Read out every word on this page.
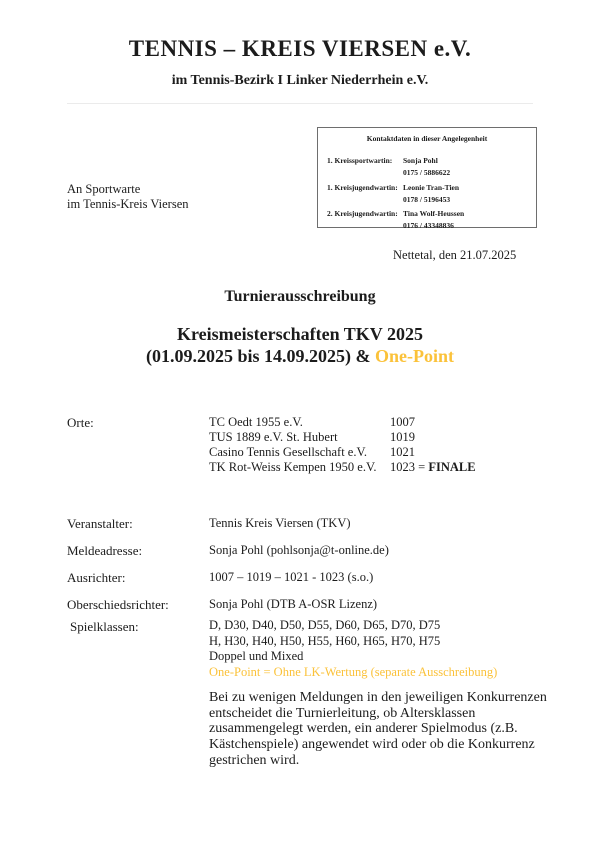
TENNIS – KREIS VIERSEN e.V.
im Tennis-Bezirk I Linker Niederrhein e.V.
An Sportwarte
im Tennis-Kreis Viersen
Kontaktdaten in dieser Angelegenheit
1. Kreissportwartin: Sonja Pohl
0175 / 5886622
1. Kreisjugendwartin: Leonie Tran-Tien
0178 / 5196453
2. Kreisjugendwartin: Tina Wolf-Heussen
0176 / 43348836
Nettetal, den 21.07.2025
Turnierausschreibung
Kreismeisterschaften TKV 2025
(01.09.2025 bis 14.09.2025) & One-Point
Orte:	TC Oedt 1955 e.V.	1007
TUS 1889 e.V. St. Hubert	1019
Casino Tennis Gesellschaft e.V. 1021
TK Rot-Weiss Kempen 1950 e.V. 1023 = FINALE
Veranstalter:	Tennis Kreis Viersen (TKV)
Meldeadresse:	Sonja Pohl (pohlsonja@t-online.de)
Ausrichter:	1007 – 1019 – 1021 - 1023 (s.o.)
Oberschiedsrichter:	Sonja Pohl (DTB A-OSR Lizenz)
Spielklassen:	D, D30, D40, D50, D55, D60, D65, D70, D75
H, H30, H40, H50, H55, H60, H65, H70, H75
Doppel und Mixed
One-Point = Ohne LK-Wertung (separate Ausschreibung)
Bei zu wenigen Meldungen in den jeweiligen Konkurrenzen entscheidet die Turnierleitung, ob Altersklassen zusammengelegt werden, ein anderer Spielmodus (z.B. Kästchenspiele) angewendet wird oder ob die Konkurrenz gestrichen wird.
